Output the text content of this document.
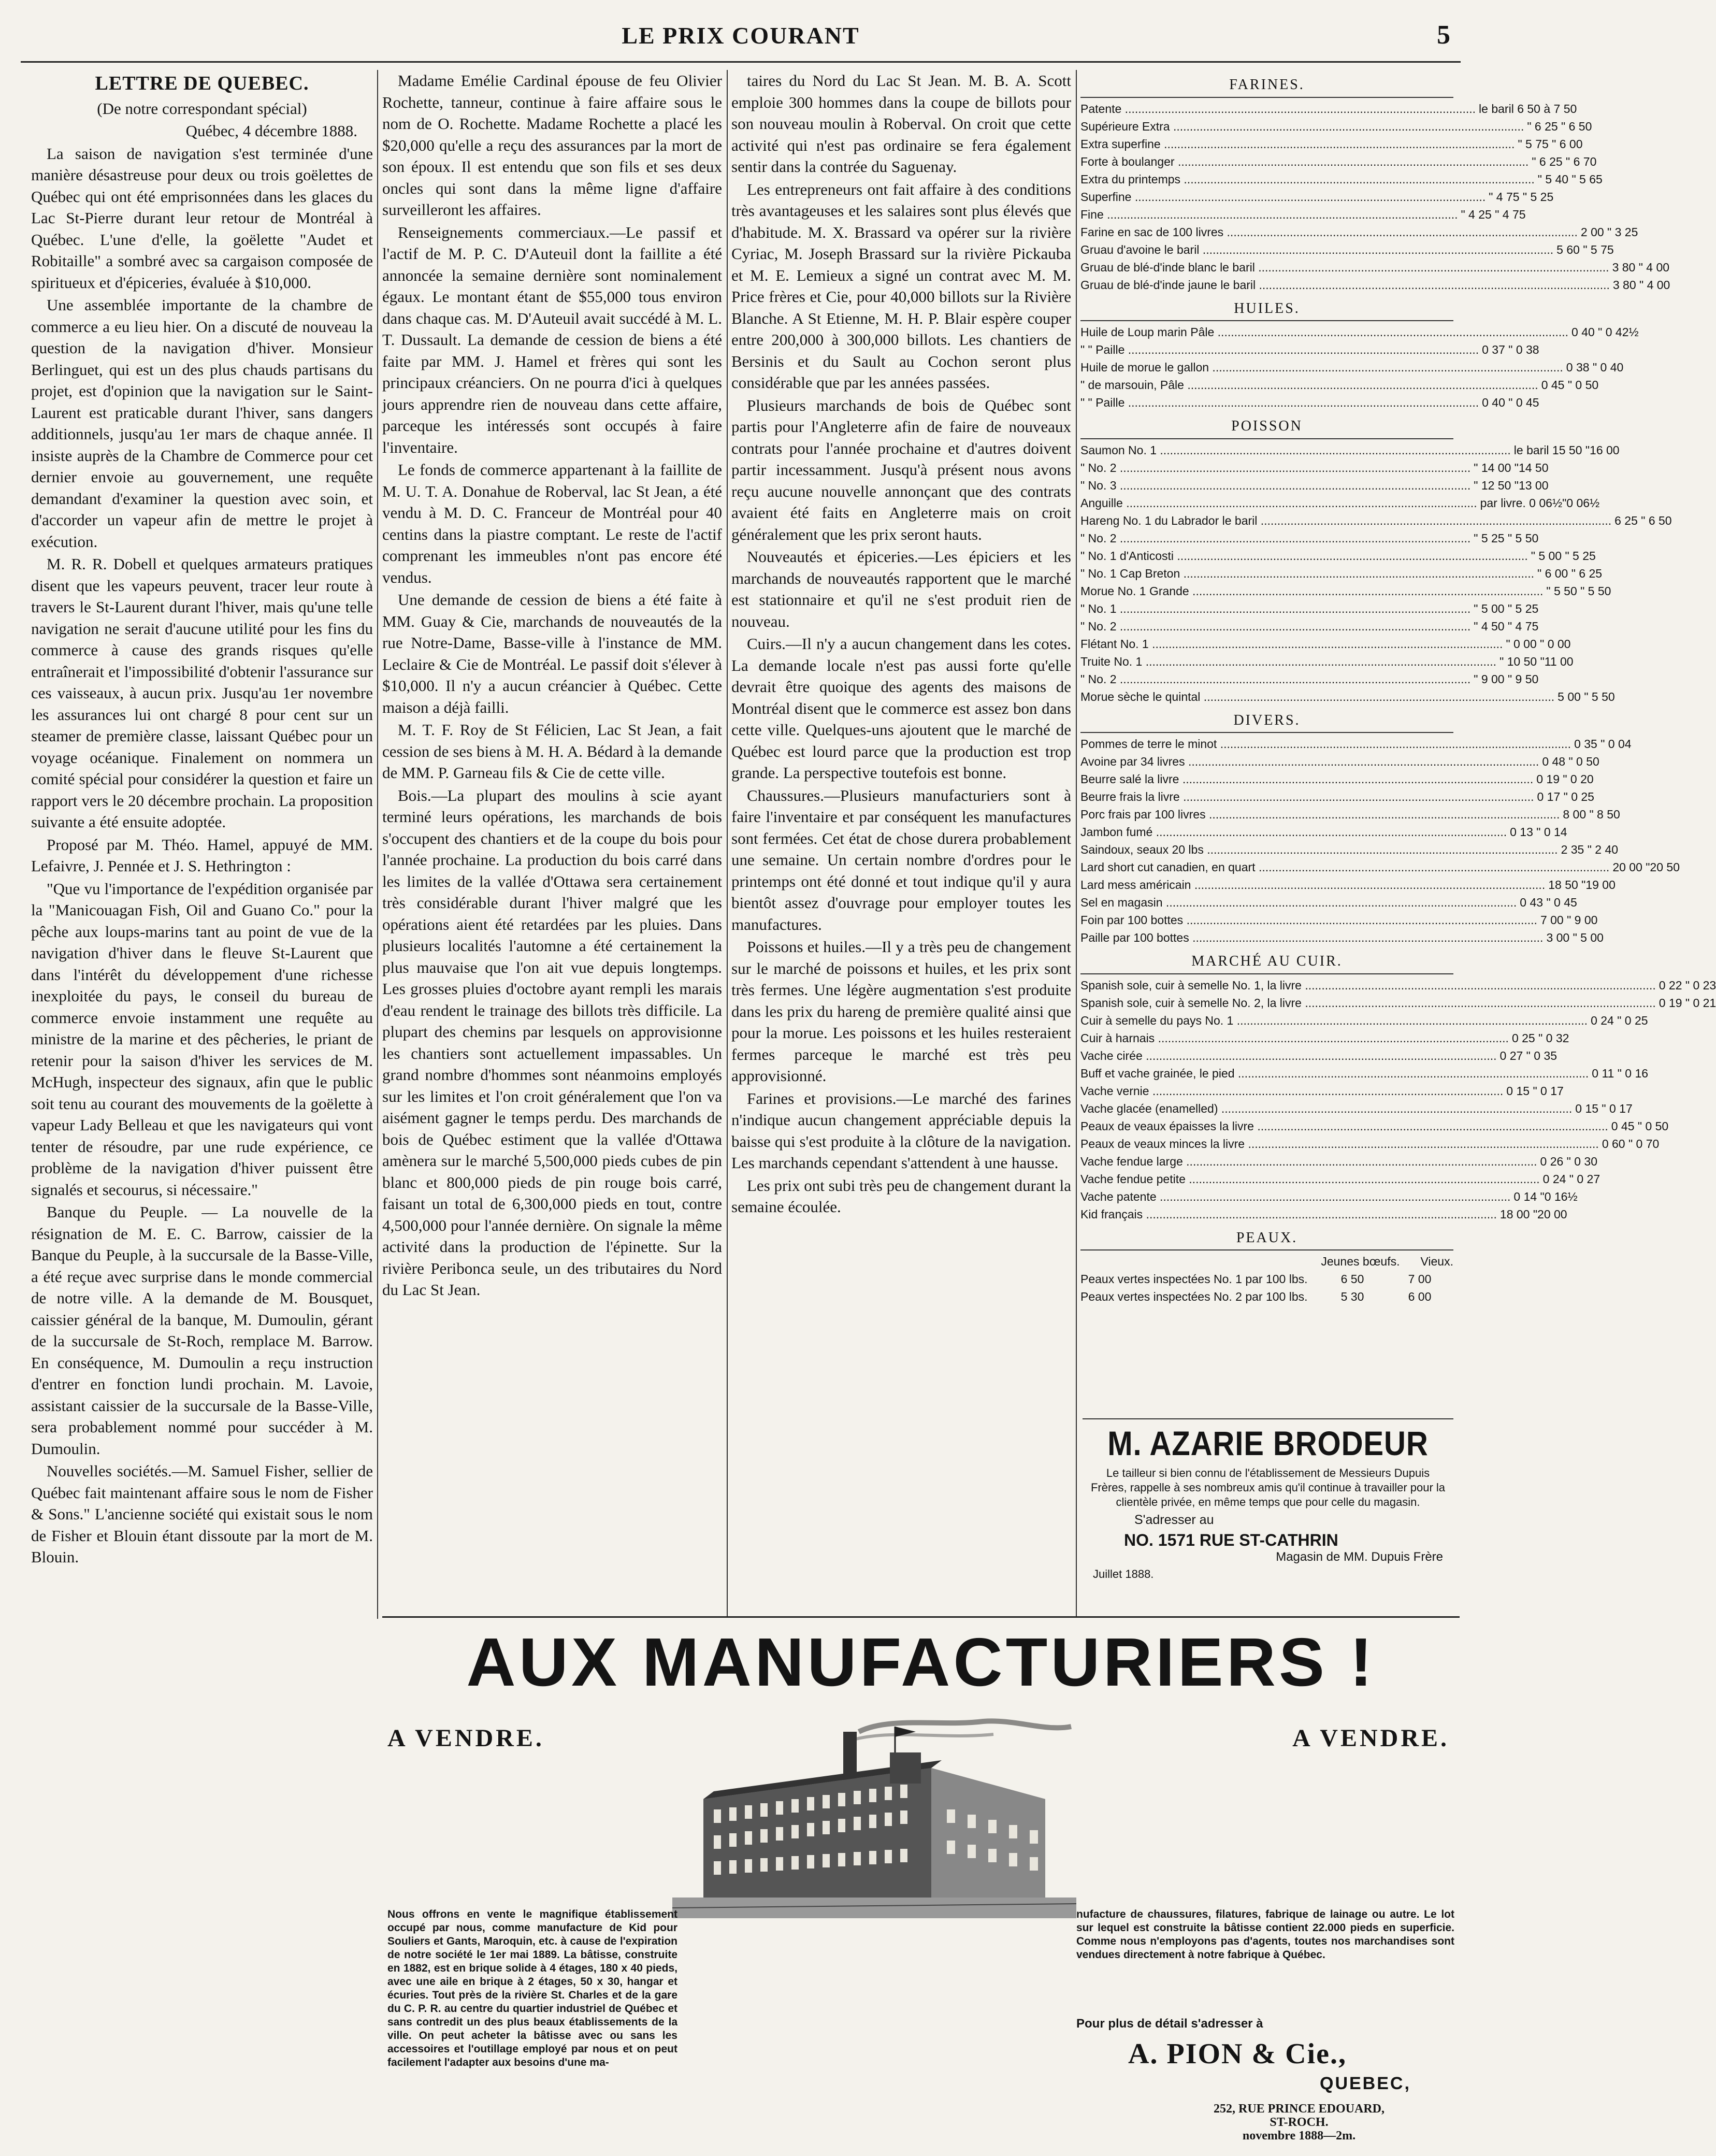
LE PRIX COURANT	5
LETTRE DE QUEBEC.

(De notre correspondant spécial)

Québec, 4 décembre 1888.

La saison de navigation s'est terminée d'une manière désastreuse pour deux ou trois goëlettes de Québec qui ont été emprisonnées dans les glaces du Lac St-Pierre durant leur retour de Montréal à Québec. L'une d'elle, la goëlette "Audet et Robitaille" a sombré avec sa cargaison composée de spiritueux et d'épiceries, évaluée à $10,000.

Une assemblée importante de la chambre de commerce a eu lieu hier. On a discuté de nouveau la question de la navigation d'hiver. Monsieur Berlinguet, qui est un des plus chauds partisans du projet, est d'opinion que la navigation sur le Saint-Laurent est praticable durant l'hiver, sans dangers additionnels, jusqu'au 1er mars de chaque année. Il insiste auprès de la Chambre de Commerce pour cet dernier envoie au gouvernement, une requête demandant d'examiner la question avec soin, et d'accorder un vapeur afin de mettre le projet à exécution.

M. R. R. Dobell et quelques armateurs pratiques disent que les vapeurs peuvent, tracer leur route à travers le St-Laurent durant l'hiver, mais qu'une telle navigation ne serait d'aucune utilité pour les fins du commerce à cause des grands risques qu'elle entraînerait et l'impossibilité d'obtenir l'assurance sur ces vaisseaux, à aucun prix. Jusqu'au 1er novembre les assurances lui ont chargé 8 pour cent sur un steamer de première classe, laissant Québec pour un voyage océanique. Finalement on nommera un comité spécial pour considérer la question et faire un rapport vers le 20 décembre prochain. La proposition suivante a été ensuite adoptée.

Proposé par M. Théo. Hamel, appuyé de MM. Lefaivre, J. Pennée et J. S. Hethrington :

"Que vu l'importance de l'expédition organisée par la "Manicouagan Fish, Oil and Guano Co." pour la pêche aux loups-marins tant au point de vue de la navigation d'hiver dans le fleuve St-Laurent que dans l'intérêt du développement d'une richesse inexploitée du pays, le conseil du bureau de commerce envoie instamment une requête au ministre de la marine et des pêcheries, le priant de retenir pour la saison d'hiver les services de M. McHugh, inspecteur des signaux, afin que le public soit tenu au courant des mouvements de la goëlette à vapeur Lady Belleau et que les navigateurs qui vont tenter de résoudre, par une rude expérience, ce problème de la navigation d'hiver puissent être signalés et secourus, si nécessaire."

Banque du Peuple. — La nouvelle de la résignation de M. E. C. Barrow, caissier de la Banque du Peuple, à la succursale de la Basse-Ville, a été reçue avec surprise dans le monde commercial de notre ville. A la demande de M. Bousquet, caissier général de la banque, M. Dumoulin, gérant de la succursale de St-Roch, remplace M. Barrow. En conséquence, M. Dumoulin a reçu instruction d'entrer en fonction lundi prochain. M. Lavoie, assistant caissier de la succursale de la Basse-Ville, sera probablement nommé pour succéder à M. Dumoulin.

Nouvelles sociétés.—M. Samuel Fisher, sellier de Québec fait maintenant affaire sous le nom de Fisher & Sons." L'ancienne société qui existait sous le nom de Fisher et Blouin étant dissoute par la mort de M. Blouin.

Madame Emélie Cardinal épouse de feu Olivier Rochette, tanneur, continue à faire affaire sous le nom de O. Rochette. Madame Rochette a placé les $20,000 qu'elle a reçu des assurances par la mort de son époux. Il est entendu que son fils et ses deux oncles qui sont dans la même ligne d'affaire surveilleront les affaires.

Renseignements commerciaux.—Le passif et l'actif de M. P. C. D'Auteuil dont la faillite a été annoncée la semaine dernière sont nominalement égaux. Le montant étant de $55,000 tous environ dans chaque cas. M. D'Auteuil avait succédé à M. L. T. Dussault. La demande de cession de biens a été faite par MM. J. Hamel et frères qui sont les principaux créanciers. On ne pourra d'ici à quelques jours apprendre rien de nouveau dans cette affaire, parceque les intéressés sont occupés à faire l'inventaire.

Le fonds de commerce appartenant à la faillite de M. U. T. A. Donahue de Roberval, lac St Jean, a été vendu à M. D. C. Franceur de Montréal pour 40 centins dans la piastre comptant. Le reste de l'actif comprenant les immeubles n'ont pas encore été vendus.

Une demande de cession de biens a été faite à MM. Guay & Cie, marchands de nouveautés de la rue Notre-Dame, Basse-ville à l'instance de MM. Leclaire & Cie de Montréal. Le passif doit s'élever à $10,000. Il n'y a aucun créancier à Québec. Cette maison a déjà failli.

M. T. F. Roy de St Félicien, Lac St Jean, a fait cession de ses biens à M. H. A. Bédard à la demande de MM. P. Garneau fils & Cie de cette ville.

Bois.—La plupart des moulins à scie ayant terminé leurs opérations, les marchands de bois s'occupent des chantiers et de la coupe du bois pour l'année prochaine. La production du bois carré dans les limites de la vallée d'Ottawa sera certainement très considérable durant l'hiver malgré que les opérations aient été retardées par les pluies. Dans plusieurs localités l'automne a été certainement la plus mauvaise que l'on ait vue depuis longtemps. Les grosses pluies d'octobre ayant rempli les marais d'eau rendent le trainage des billots très difficile. La plupart des chemins par lesquels on approvisionne les chantiers sont actuellement impassables. Un grand nombre d'hommes sont néanmoins employés sur les limites et l'on croit généralement que l'on va aisément gagner le temps perdu. Des marchands de bois de Québec estiment que la vallée d'Ottawa amènera sur le marché 5,500,000 pieds cubes de pin blanc et 800,000 pieds de pin rouge bois carré, faisant un total de 6,300,000 pieds en tout, contre 4,500,000 pour l'année dernière. On signale la même activité dans la production de l'épinette. Sur la rivière Peribonca seule, un des tributaires du Nord du Lac St Jean.

taires du Nord du Lac St Jean. M. B. A. Scott emploie 300 hommes dans la coupe de billots pour son nouveau moulin à Roberval. On croit que cette activité qui n'est pas ordinaire se fera également sentir dans la contrée du Saguenay.

Les entrepreneurs ont fait affaire à des conditions très avantageuses et les salaires sont plus élevés que d'habitude. M. X. Brassard va opérer sur la rivière Cyriac, M. Joseph Brassard sur la rivière Pickauba et M. E. Lemieux a signé un contrat avec M. M. Price frères et Cie, pour 40,000 billots sur la Rivière Blanche. A St Etienne, M. H. P. Blair espère couper entre 200,000 à 300,000 billots. Les chantiers de Bersinis et du Sault au Cochon seront plus considérable que par les années passées.

Plusieurs marchands de bois de Québec sont partis pour l'Angleterre afin de faire de nouveaux contrats pour l'année prochaine et d'autres doivent partir incessamment. Jusqu'à présent nous avons reçu aucune nouvelle annonçant que des contrats avaient été faits en Angleterre mais on croit généralement que les prix seront hauts.

Nouveautés et épiceries.—Les épiciers et les marchands de nouveautés rapportent que le marché est stationnaire et qu'il ne s'est produit rien de nouveau.

Cuirs.—Il n'y a aucun changement dans les cotes. La demande locale n'est pas aussi forte qu'elle devrait être quoique des agents des maisons de Montréal disent que le commerce est assez bon dans cette ville. Quelques-uns ajoutent que le marché de Québec est lourd parce que la production est trop grande. La perspective toutefois est bonne.

Chaussures.—Plusieurs manufacturiers sont à faire l'inventaire et par conséquent les manufactures sont fermées. Cet état de chose durera probablement une semaine. Un certain nombre d'ordres pour le printemps ont été donné et tout indique qu'il y aura bientôt assez d'ouvrage pour employer toutes les manufactures.

Poissons et huiles.—Il y a très peu de changement sur le marché de poissons et huiles, et les prix sont très fermes. Une légère augmentation s'est produite dans les prix du hareng de première qualité ainsi que pour la morue. Les poissons et les huiles resteraient fermes parceque le marché est très peu approvisionné.

Farines et provisions.—Le marché des farines n'indique aucun changement appréciable depuis la baisse qui s'est produite à la clôture de la navigation. Les marchands cependant s'attendent à une hausse.

Les prix ont subi très peu de changement durant la semaine écoulée.

FARINES.
Patente .....	le baril 6 50 à 7 50
Supérieure Extra .....	" 6 25 " 6 50
Extra superfine .....	" 5 75 " 6 00
Forte à boulanger .....	" 6 25 " 6 70
Extra du printemps .....	" 5 40 " 5 65
Superfine .....	" 4 75 " 5 25
Fine .....	" 4 25 " 4 75
Farine en sac de 100 livres .....	2 00 " 3 25
Gruau d'avoine le baril .....	5 60 " 5 75
Gruau de blé-d'inde blanc le baril .....	3 80 " 4 00
Gruau de blé-d'inde jaune le baril .....	3 80 " 4 00
HUILES.
Huile de Loup marin Pâle .....	0 40 " 0 42½
" " Paille .....	0 37 " 0 38
Huile de morue le gallon .....	0 38 " 0 40
" de marsouin, Pâle .....	0 45 " 0 50
" " Paille .....	0 40 " 0 45
POISSON
Saumon No. 1 .....	le baril 15 50 "16 00
" No. 2 .....	" 14 00 "14 50
" No. 3 .....	" 12 50 "13 00
Anguille .....	par livre. 0 06½"0 06½
Hareng No. 1 du Labrador le baril .....	6 25 " 6 50
" No. 2 .....	" 5 25 " 5 50
" No. 1 d'Anticosti .....	" 5 00 " 5 25
" No. 1 Cap Breton .....	" 6 00 " 6 25
Morue No. 1 Grande .....	" 5 50 " 5 50
" No. 1 .....	" 5 00 " 5 25
" No. 2 .....	" 4 50 " 4 75
Flétant No. 1 .....	" 0 00 " 0 00
Truite No. 1 .....	" 10 50 "11 00
" No. 2 .....	" 9 00 " 9 50
Morue sèche le quintal .....	5 00 " 5 50
DIVERS.
Pommes de terre le minot .....	0 35 " 0 04
Avoine par 34 livres .....	0 48 " 0 50
Beurre salé la livre .....	0 19 " 0 20
Beurre frais la livre .....	0 17 " 0 25
Porc frais par 100 livres .....	8 00 " 8 50
Jambon fumé .....	0 13 " 0 14
Saindoux, seaux 20 lbs .....	2 35 " 2 40
Lard short cut canadien, en quart .....	20 00 "20 50
Lard mess américain .....	18 50 "19 00
Sel en magasin .....	0 43 " 0 45
Foin par 100 bottes .....	7 00 " 9 00
Paille par 100 bottes .....	3 00 " 5 00
MARCHÉ AU CUIR.
Spanish sole, cuir à semelle No. 1, la livre .....	0 22 " 0 23
Spanish sole, cuir à semelle No. 2, la livre .....	0 19 " 0 21
Cuir à semelle du pays No. 1 .....	0 24 " 0 25
Cuir à harnais .....	0 25 " 0 32
Vache cirée .....	0 27 " 0 35
Buff et vache grainée, le pied .....	0 11 " 0 16
Vache vernie .....	0 15 " 0 17
Vache glacée (enamelled) .....	0 15 " 0 17
Peaux de veaux épaisses la livre .....	0 45 " 0 50
Peaux de veaux minces la livre .....	0 60 " 0 70
Vache fendue large .....	0 26 " 0 30
Vache fendue petite .....	0 24 " 0 27
Vache patente .....	0 14 "0 16½
Kid français .....	18 00 "20 00
PEAUX.
Jeunes bœufs. Vieux.
Peaux vertes inspectées No. 1 par 100 lbs.	6 50	7 00
Peaux vertes inspectées No. 2 par 100 lbs.	5 30	6 00
M. AZARIE BRODEUR
Le tailleur si bien connu de l'établissement de Messieurs Dupuis Frères, rappelle à ses nombreux amis qu'il continue à travailler pour la clientèle privée, en même temps que pour celle du magasin.
S'adresser au
NO. 1571 RUE ST-CATHRIN
Magasin de MM. Dupuis Frère
Juillet 1888.
AUX MANUFACTURIERS !
A VENDRE.	A VENDRE.
Nous offrons en vente le magnifique établissement occupé par nous, comme manufacture de Kid pour Souliers et Gants, Maroquin, etc. à cause de l'expiration de notre société le 1er mai 1889. La bâtisse, construite en 1882, est en brique solide à 4 étages, 180 x 40 pieds, avec une aile en brique à 2 étages, 50 x 30, hangar et écuries. Tout près de la rivière St. Charles et de la gare du C. P. R. au centre du quartier industriel de Québec et sans contredit un des plus beaux établissements de la ville. On peut acheter la bâtisse avec ou sans les accessoires et l'outillage employé par nous et on peut facilement l'adapter aux besoins d'une ma-
nufacture de chaussures, filatures, fabrique de lainage ou autre. Le lot sur lequel est construite la bâtisse contient 22.000 pieds en superficie. Comme nous n'employons pas d'agents, toutes nos marchandises sont vendues directement à notre fabrique à Québec.
Pour plus de détail s'adresser à
A. PION & Cie.,
QUEBEC,
252, RUE PRINCE EDOUARD,
ST-ROCH.
novembre 1888—2m.
